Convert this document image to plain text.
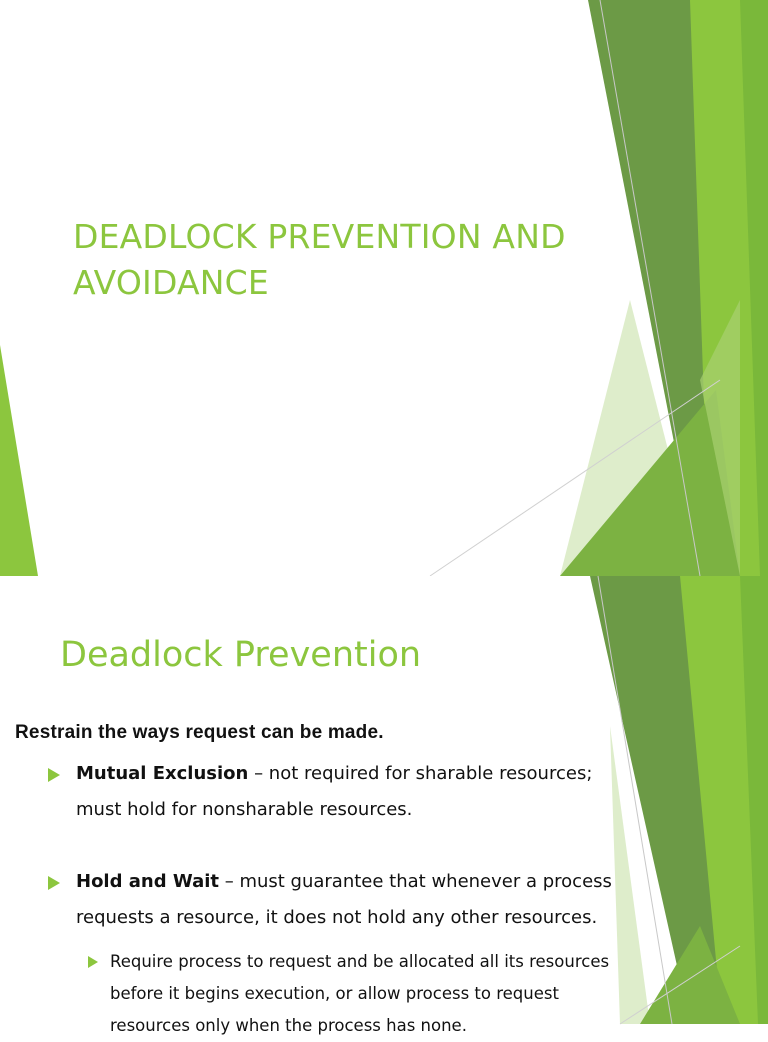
DEADLOCK PREVENTION AND AVOIDANCE
Deadlock Prevention

Restrain the ways request can be made.

Mutual Exclusion – not required for sharable resources; must hold for nonsharable resources.
Hold and Wait – must guarantee that whenever a process requests a resource, it does not hold any other resources.
Require process to request and be allocated all its resources before it begins execution, or allow process to request resources only when the process has none.
